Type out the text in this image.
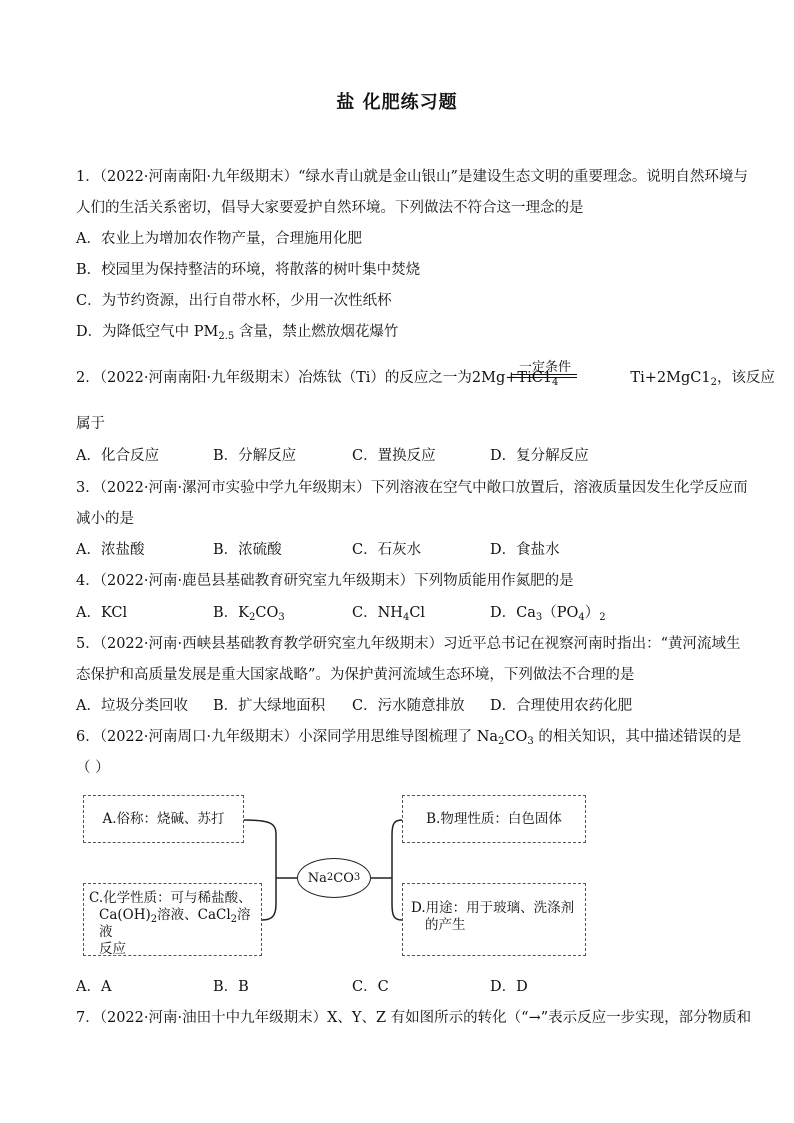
盐 化肥练习题
1．（2022·河南南阳·九年级期末）“绿水青山就是金山银山”是建设生态文明的重要理念。说明自然环境与
人们的生活关系密切，倡导大家要爱护自然环境。下列做法不符合这一理念的是
A．农业上为增加农作物产量，合理施用化肥
B．校园里为保持整洁的环境，将散落的树叶集中焚烧
C．为节约资源，出行自带水杯，少用一次性纸杯
D．为降低空气中 $PM_{2.5}$ 含量，禁止燃放烟花爆竹
2．（2022·河南南阳·九年级期末）冶炼钛（Ti）的反应之一为$2Mg+TiC1_4$	$Ti+2MgC1_2$，该反应
一定条件
属于
A．化合反应	B．分解反应	C．置换反应	D．复分解反应
3．（2022·河南·漯河市实验中学九年级期末）下列溶液在空气中敞口放置后，溶液质量因发生化学反应而
减小的是
A．浓盐酸	B．浓硫酸	C．石灰水	D．食盐水
4．（2022·河南·鹿邑县基础教育研究室九年级期末）下列物质能用作氮肥的是
A．KCl	B．$K_2CO_3$	C．$NH_4Cl$	D．$Ca_3(PO_4)_2$
5．（2022·河南·西峡县基础教育教学研究室九年级期末）习近平总书记在视察河南时指出：“黄河流域生
态保护和高质量发展是重大国家战略”。为保护黄河流域生态环境，下列做法不合理的是
A．垃圾分类回收 B．扩大绿地面积 C．污水随意排放 D．合理使用农药化肥
6．（2022·河南周口·九年级期末）小深同学用思维导图梳理了 $Na_2CO_3$ 的相关知识，其中描述错误的是
（ ）
A.俗称：烧碱、苏打	B.物理性质：白色固体
C.化学性质：可与稀盐酸、
$Ca(OH)_2$溶液、CaCl$_2$溶液
反应
D.用途：用于玻璃、洗涤剂
的产生
Na 2 CO 3
A．A	B．B	C．C	D．D
7．（2022·河南·油田十中九年级期末）X、Y、Z 有如图所示的转化（“→”表示反应一步实现，部分物质和
